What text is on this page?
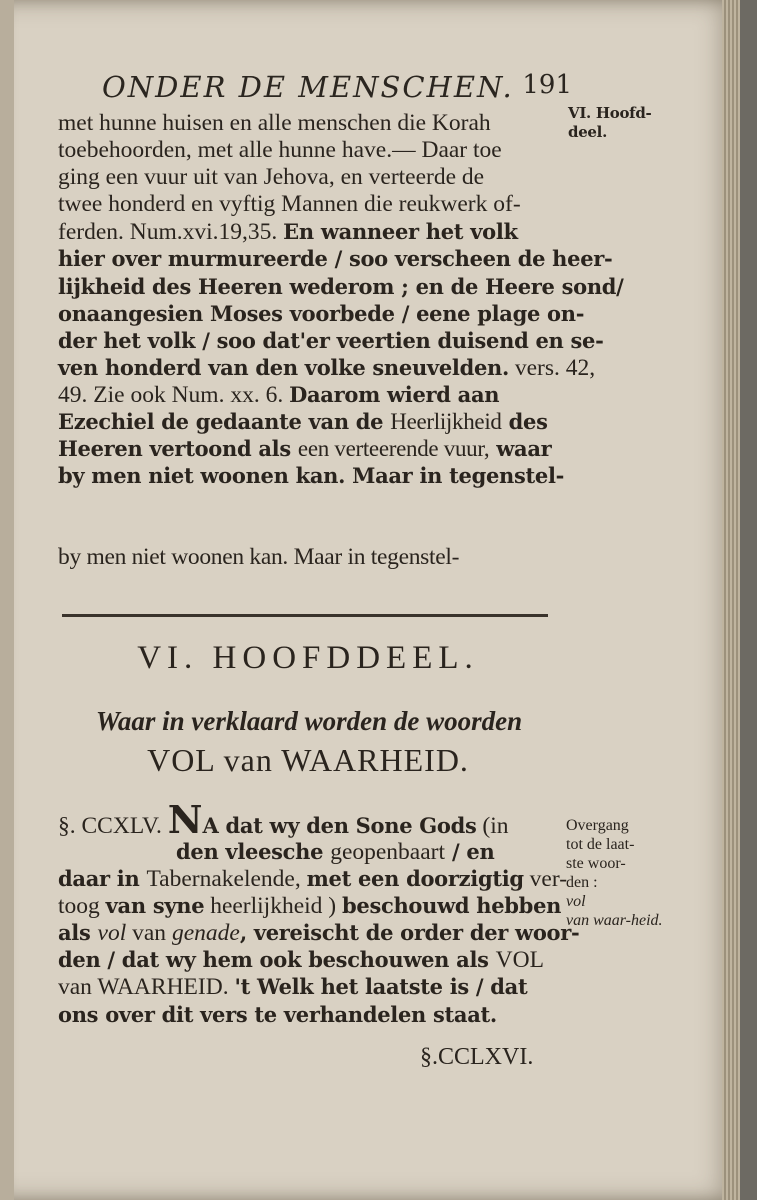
ONDER DE MENSCHEN. 191
VI. Hoofd-
deel.
met hunne huisen en alle menschen die Korah
toebehoorden, met alle hunne have.— Daar toe
ging een vuur uit van Jehova, en verteerde de
twee honderd en vyftig Mannen die reukwerk of-
ferden. Num.xvi.19,35. En wanneer het volk
hier over murmureerde / soo verscheen de heer-
lijkheid des Heeren wederom ; en de Heere sond/
onaangesien Moses voorbede / eene plage on-
der het volk / soo dat'er veertien duisend en se-
ven honderd van den volke sneuvelden. vers. 42,
49. Zie ook Num. xx. 6. Daarom wierd aan
Ezechiel de gedaante van de Heerlijkheid des
Heeren vertoond als een verteerende vuur, waar
by men niet woonen kan. Maar in tegenstel-
by men niet woonen kan. Maar in tegenstel-
VI. HOOFDDEEL.
Waar in verklaard worden de woorden
VOL van WAARHEID.
Overgang
tot de laat-
ste woor-
den :
vol
van waar-heid.
§. CCXLV. NA dat wy den Sone Gods (in
den vleesche geopenbaart / en
daar in Tabernakelende, met een doorzigtig ver-
toog van syne heerlijkheid ) beschouwd hebben
als vol van genade, vereischt de order der woor-
den / dat wy hem ook beschouwen als VOL
van WAARHEID. 't Welk het laatste is / dat
ons over dit vers te verhandelen staat.
§.CCLXVI.
